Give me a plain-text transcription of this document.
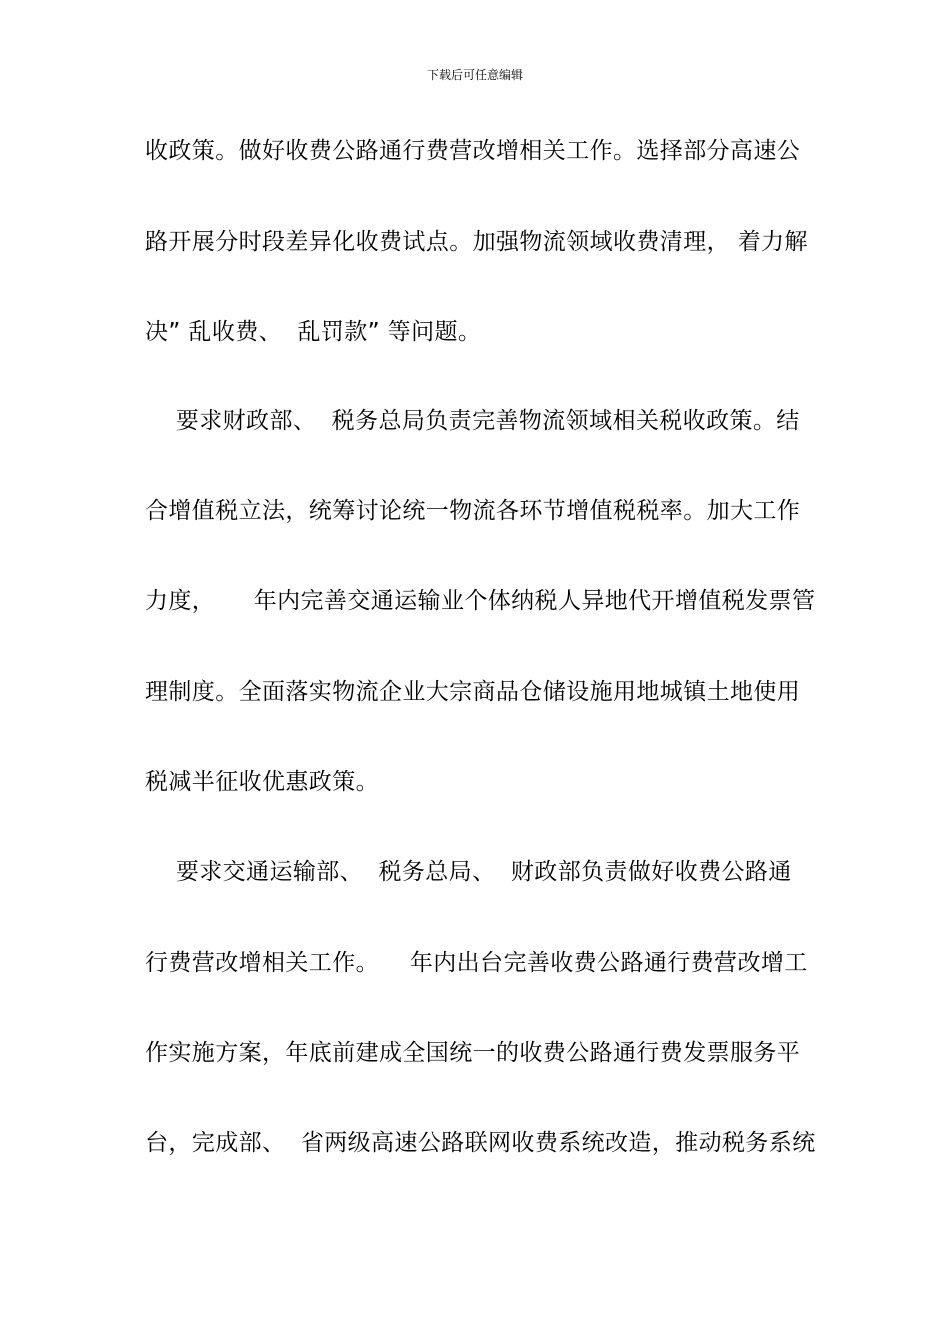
下载后可任意编辑
收政策。做好收费公路通行费营改增相关工作。选择部分高速公
路开展分时段差异化收费试点。加强物流领域收费清理， 着力解
决” 乱收费、  乱罚款” 等问题。
要求财政部、  税务总局负责完善物流领域相关税收政策。结
合增值税立法，统筹讨论统一物流各环节增值税税率。加大工作
力度，     年内完善交通运输业个体纳税人异地代开增值税发票管
理制度。全面落实物流企业大宗商品仓储设施用地城镇土地使用
税减半征收优惠政策。
要求交通运输部、  税务总局、  财政部负责做好收费公路通
行费营改增相关工作。    年内出台完善收费公路通行费营改增工
作实施方案，年底前建成全国统一的收费公路通行费发票服务平
台，完成部、  省两级高速公路联网收费系统改造，推动税务系统
